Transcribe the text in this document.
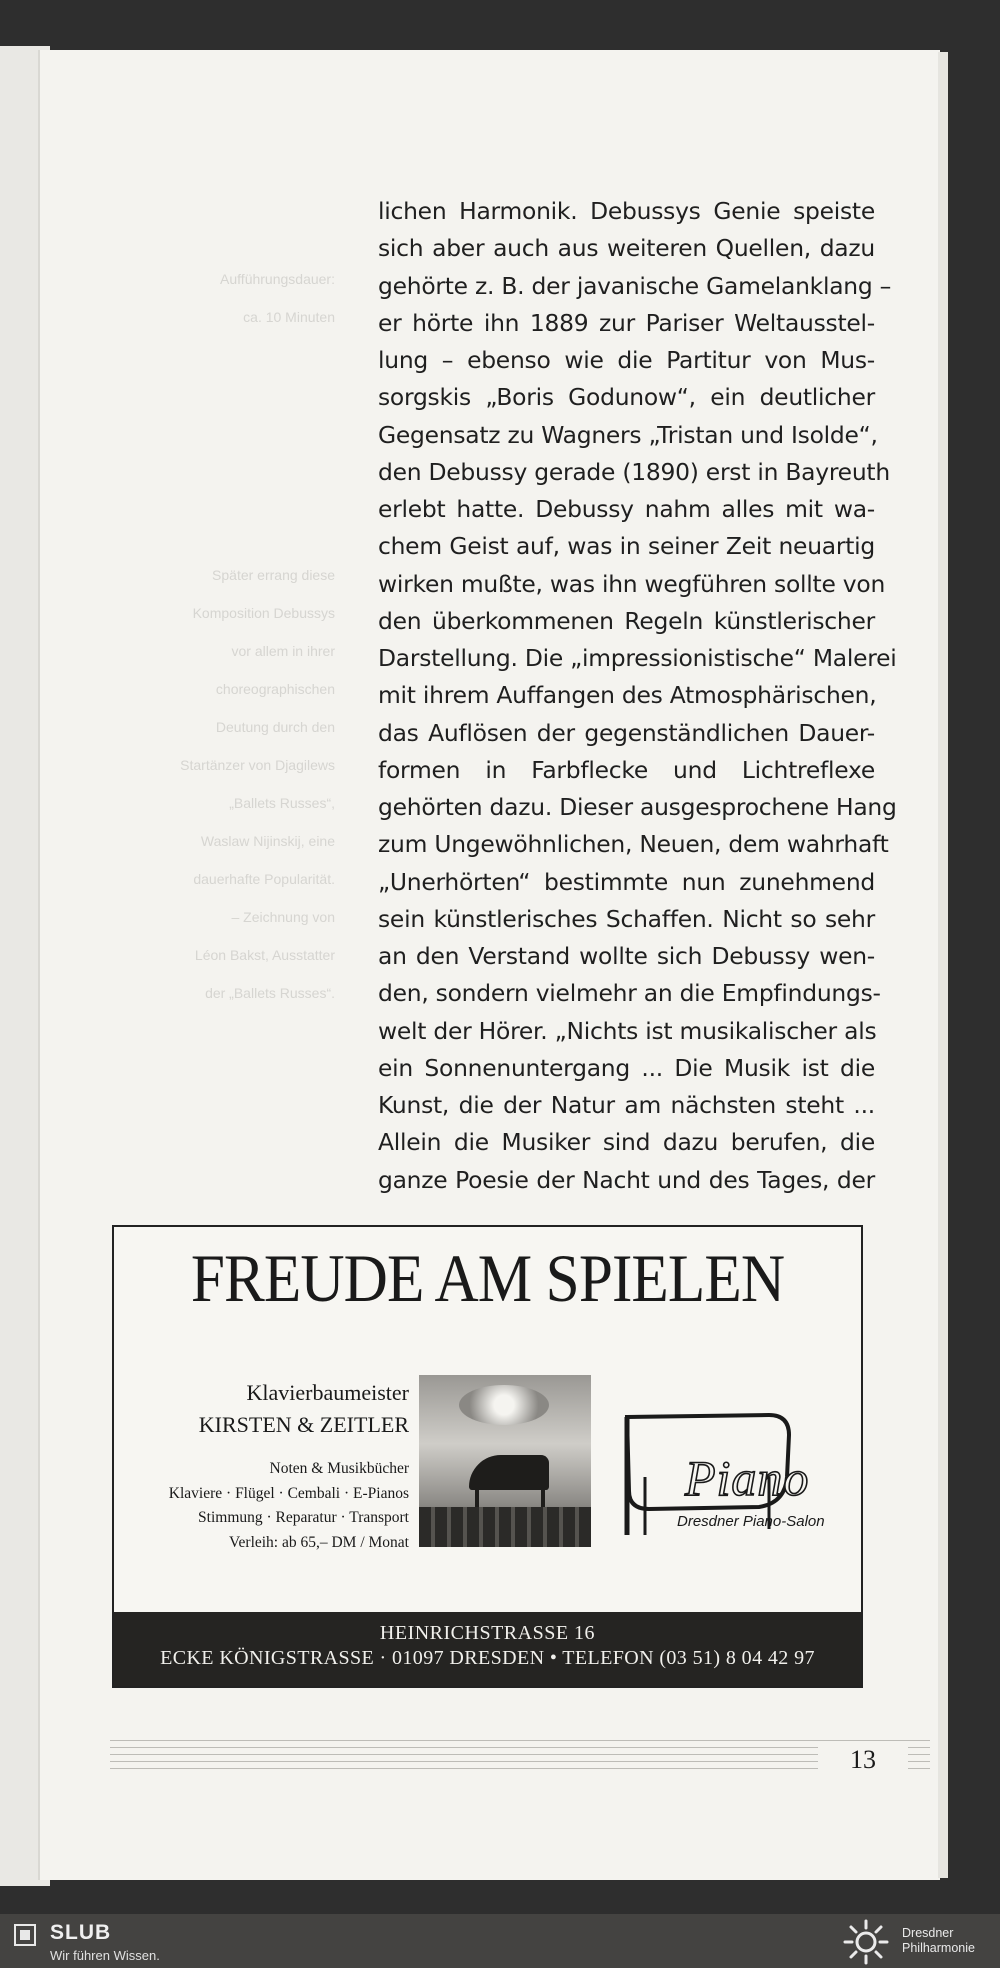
Aufführungsdauer:
ca. 10 Minuten
Später errang diese
Komposition Debussys
vor allem in ihrer
choreographischen
Deutung durch den
Startänzer von Djagilews
„Ballets Russes“,
Waslaw Nijinskij, eine
dauerhafte Popularität.
– Zeichnung von
Léon Bakst, Ausstatter
der „Ballets Russes“.
lichen Harmonik. Debussys Genie speiste
sich aber auch aus weiteren Quellen, dazu
gehörte z. B. der javanische Gamelanklang –
er hörte ihn 1889 zur Pariser Weltausstel-
lung – ebenso wie die Partitur von Mus-
sorgskis „Boris Godunow“, ein deutlicher
Gegensatz zu Wagners „Tristan und Isolde“,
den Debussy gerade (1890) erst in Bayreuth
erlebt hatte. Debussy nahm alles mit wa-
chem Geist auf, was in seiner Zeit neuartig
wirken mußte, was ihn wegführen sollte von
den überkommenen Regeln künstlerischer
Darstellung. Die „impressionistische“ Malerei
mit ihrem Auffangen des Atmosphärischen,
das Auflösen der gegenständlichen Dauer-
formen in Farbflecke und Lichtreflexe
gehörten dazu. Dieser ausgesprochene Hang
zum Ungewöhnlichen, Neuen, dem wahrhaft
„Unerhörten“ bestimmte nun zunehmend
sein künstlerisches Schaffen. Nicht so sehr
an den Verstand wollte sich Debussy wen-
den, sondern vielmehr an die Empfindungs-
welt der Hörer. „Nichts ist musikalischer als
ein Sonnenuntergang ... Die Musik ist die
Kunst, die der Natur am nächsten steht ...
Allein die Musiker sind dazu berufen, die
ganze Poesie der Nacht und des Tages, der
FREUDE AM SPIELEN
Klavierbaumeister
KIRSTEN & ZEITLER
Noten & Musikbücher
Klaviere · Flügel · Cembali · E-Pianos
Stimmung · Reparatur · Transport
Verleih: ab 65,– DM / Monat
Piano
Dresdner Piano-Salon
HEINRICHSTRASSE 16
ECKE KÖNIGSTRASSE · 01097 DRESDEN • TELEFON (03 51) 8 04 42 97
13
SLUB
Wir führen Wissen.
Dresdner
Philharmonie
